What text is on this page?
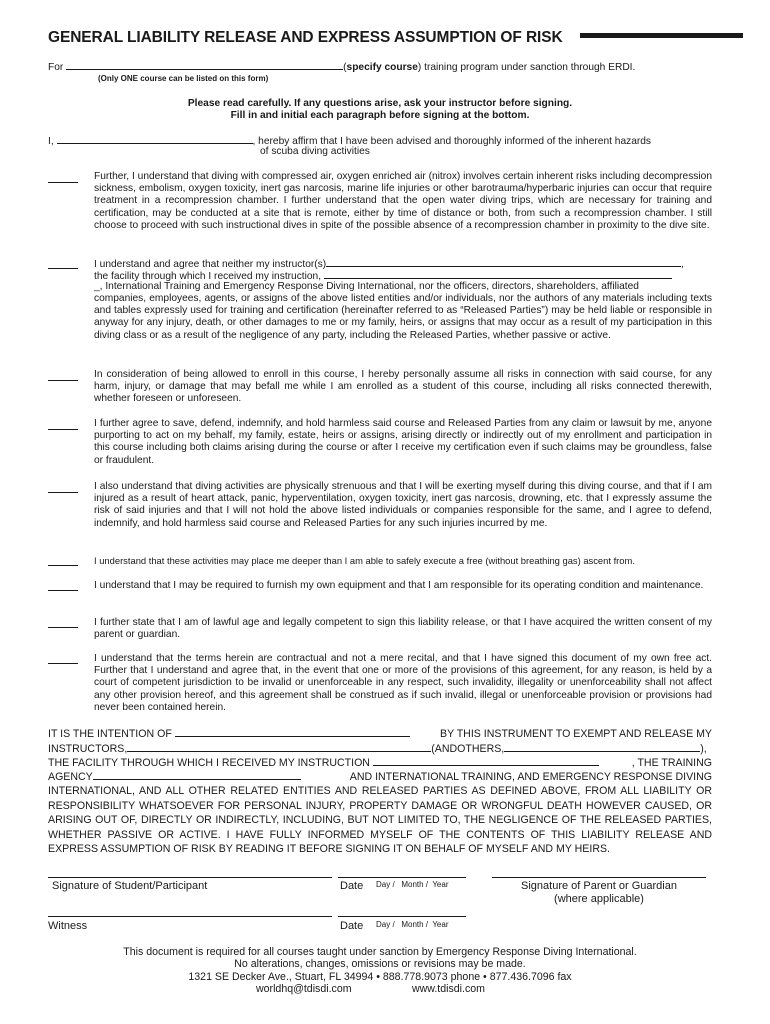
GENERAL LIABILITY RELEASE AND EXPRESS ASSUMPTION OF RISK
For	(specify course) training program under sanction through ERDI.
(Only ONE course can be listed on this form)
Please read carefully. If any questions arise, ask your instructor before signing.
Fill in and initial each paragraph before signing at the bottom.
I,	, hereby affirm that I have been advised and thoroughly informed of the inherent hazards
of scuba diving activities
Further, I understand that diving with compressed air, oxygen enriched air (nitrox) involves certain inherent risks including decompression sickness, embolism, oxygen toxicity, inert gas narcosis, marine life injuries or other barotrauma/hyperbaric injuries can occur that require treatment in a recompression chamber. I further understand that the open water diving trips, which are necessary for training and certification, may be conducted at a site that is remote, either by time of distance or both, from such a recompression chamber. I still choose to proceed with such instructional dives in spite of the possible absence of a recompression chamber in proximity to the dive site.
I understand and agree that neither my instructor(s)	,
the facility through which I received my instruction,
_, International Training and Emergency Response Diving International, nor the officers, directors, shareholders, affiliated
companies, employees, agents, or assigns of the above listed entities and/or individuals, nor the authors of any materials including texts and tables expressly used for training and certification (hereinafter referred to as “Released Parties”) may be held liable or responsible in anyway for any injury, death, or other damages to me or my family, heirs, or assigns that may occur as a result of my participation in this diving class or as a result of the negligence of any party, including the Released Parties, whether passive or active.
In consideration of being allowed to enroll in this course, I hereby personally assume all risks in connection with said course, for any harm, injury, or damage that may befall me while I am enrolled as a student of this course, including all risks connected therewith, whether foreseen or unforeseen.
I further agree to save, defend, indemnify, and hold harmless said course and Released Parties from any claim or lawsuit by me, anyone purporting to act on my behalf, my family, estate, heirs or assigns, arising directly or indirectly out of my enrollment and participation in this course including both claims arising during the course or after I receive my certification even if such claims may be groundless, false or fraudulent.
I also understand that diving activities are physically strenuous and that I will be exerting myself during this diving course, and that if I am injured as a result of heart attack, panic, hyperventilation, oxygen toxicity, inert gas narcosis, drowning, etc. that I expressly assume the risk of said injuries and that I will not hold the above listed individuals or companies responsible for the same, and I agree to defend, indemnify, and hold harmless said course and Released Parties for any such injuries incurred by me.
I understand that these activities may place me deeper than I am able to safely execute a free (without breathing gas) ascent from.
I understand that I may be required to furnish my own equipment and that I am responsible for its operating condition and maintenance.
I further state that I am of lawful age and legally competent to sign this liability release, or that I have acquired the written consent of my parent or guardian.
I understand that the terms herein are contractual and not a mere recital, and that I have signed this document of my own free act. Further that I understand and agree that, in the event that one or more of the provisions of this agreement, for any reason, is held by a court of competent jurisdiction to be invalid or unenforceable in any respect, such invalidity, illegality or unenforceability shall not affect any other provision hereof, and this agreement shall be construed as if such invalid, illegal or unenforceable provision or provisions had never been contained herein.
IT IS THE INTENTION OF	BY THIS INSTRUMENT TO EXEMPT AND RELEASE MY
INSTRUCTORS,	(ANDOTHERS,	),
THE FACILITY THROUGH WHICH I RECEIVED MY INSTRUCTION	, THE TRAINING
AGENCY	AND INTERNATIONAL TRAINING, AND EMERGENCY RESPONSE DIVING
INTERNATIONAL, AND ALL OTHER RELATED ENTITIES AND RELEASED PARTIES AS DEFINED ABOVE, FROM ALL LIABILITY OR RESPONSIBILITY WHATSOEVER FOR PERSONAL INJURY, PROPERTY DAMAGE OR WRONGFUL DEATH HOWEVER CAUSED, OR ARISING OUT OF, DIRECTLY OR INDIRECTLY, INCLUDING, BUT NOT LIMITED TO, THE NEGLIGENCE OF THE RELEASED PARTIES, WHETHER PASSIVE OR ACTIVE. I HAVE FULLY INFORMED MYSELF OF THE CONTENTS OF THIS LIABILITY RELEASE AND EXPRESS ASSUMPTION OF RISK BY READING IT BEFORE SIGNING IT ON BEHALF OF MYSELF AND MY HEIRS.
Signature of Student/Participant	Date Day /   Month /  Year	Signature of Parent or Guardian
(where applicable)
Witness	Date Day /   Month /  Year
This document is required for all courses taught under sanction by Emergency Response Diving International.
No alterations, changes, omissions or revisions may be made.
1321 SE Decker Ave., Stuart, FL 34994 • 888.778.9073 phone • 877.436.7096 fax
worldhq@tdisdi.com	www.tdisdi.com
